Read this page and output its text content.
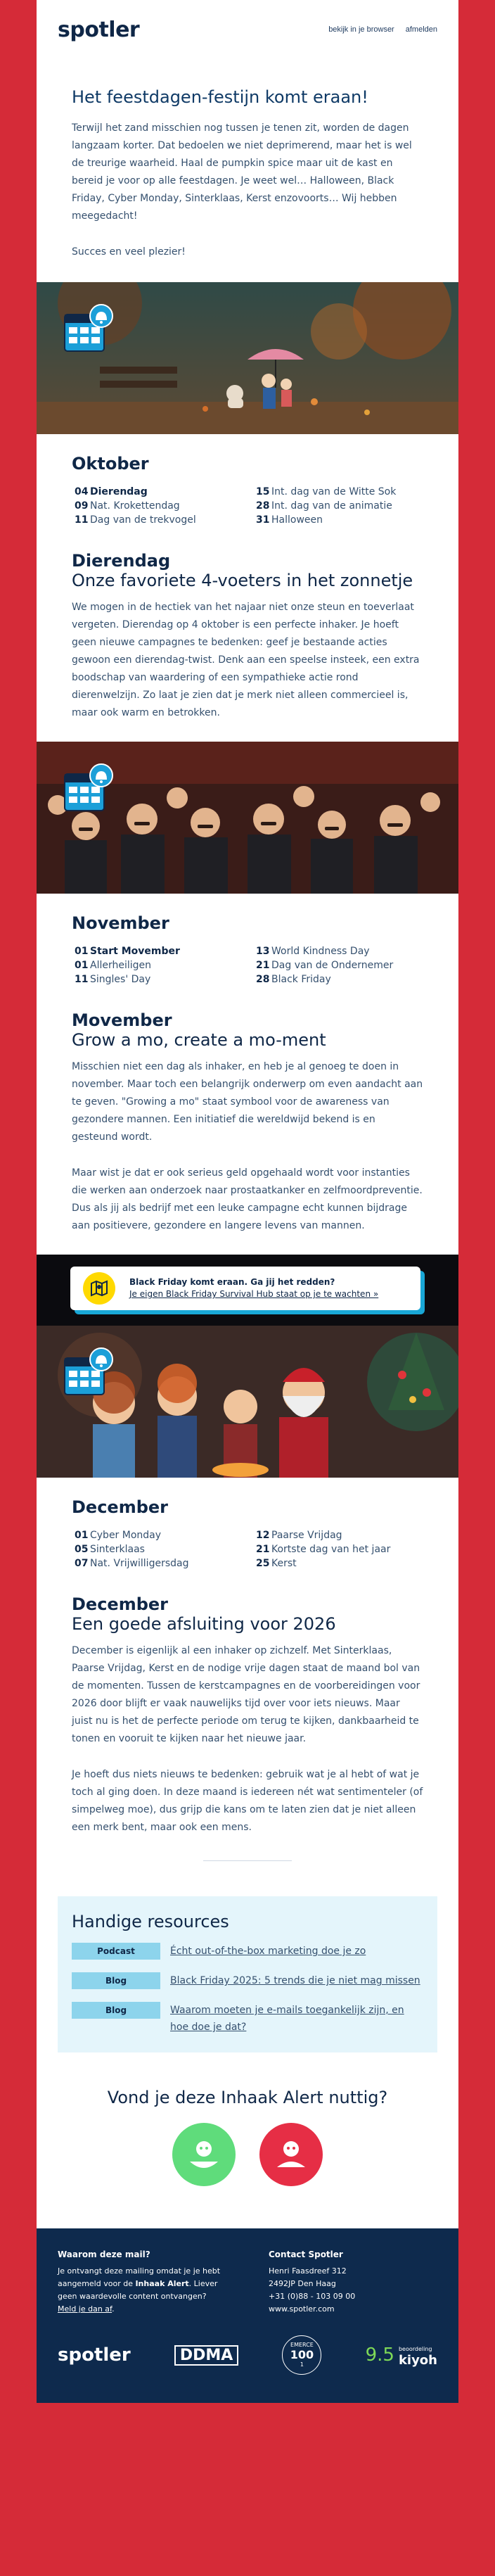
spotler	bekijk in je browser afmelden
Het feestdagen-festijn komt eraan!

Terwijl het zand misschien nog tussen je tenen zit, worden de dagen langzaam korter. Dat bedoelen we niet deprimerend, maar het is wel de treurige waarheid. Haal de pumpkin spice maar uit de kast en bereid je voor op alle feestdagen. Je weet wel… Halloween, Black Friday, Cyber Monday, Sinterklaas, Kerst enzovoorts… Wij hebben meegedacht!

Succes en veel plezier!

Oktober
04 Dierendag	15 Int. dag van de Witte Sok
09 Nat. Krokettendag	28 Int. dag van de animatie
11 Dag van de trekvogel	31 Halloween
Dierendag
Onze favoriete 4-voeters in het zonnetje

We mogen in de hectiek van het najaar niet onze steun en toeverlaat vergeten. Dierendag op 4 oktober is een perfecte inhaker. Je hoeft geen nieuwe campagnes te bedenken: geef je bestaande acties gewoon een dierendag-twist. Denk aan een speelse insteek, een extra boodschap van waardering of een sympathieke actie rond dierenwelzijn. Zo laat je zien dat je merk niet alleen commercieel is, maar ook warm en betrokken.

November
01 Start Movember	13 World Kindness Day
01 Allerheiligen	21 Dag van de Ondernemer
11 Singles' Day	28 Black Friday
Movember
Grow a mo, create a mo-ment

Misschien niet een dag als inhaker, en heb je al genoeg te doen in november. Maar toch een belangrijk onderwerp om even aandacht aan te geven. "Growing a mo" staat symbool voor de awareness van gezondere mannen. Een initiatief die wereldwijd bekend is en gesteund wordt.

Maar wist je dat er ook serieus geld opgehaald wordt voor instanties die werken aan onderzoek naar prostaatkanker en zelfmoordpreventie. Dus als jij als bedrijf met een leuke campagne echt kunnen bijdrage aan positievere, gezondere en langere levens van mannen.

Black Friday komt eraan. Ga jij het redden?
Je eigen Black Friday Survival Hub staat op je te wachten »
December
01 Cyber Monday	12 Paarse Vrijdag
05 Sinterklaas	21 Kortste dag van het jaar
07 Nat. Vrijwilligersdag	25 Kerst
December
Een goede afsluiting voor 2026

December is eigenlijk al een inhaker op zichzelf. Met Sinterklaas, Paarse Vrijdag, Kerst en de nodige vrije dagen staat de maand bol van de momenten. Tussen de kerstcampagnes en de voorbereidingen voor 2026 door blijft er vaak nauwelijks tijd over voor iets nieuws. Maar juist nu is het de perfecte periode om terug te kijken, dankbaarheid te tonen en vooruit te kijken naar het nieuwe jaar.

Je hoeft dus niets nieuws te bedenken: gebruik wat je al hebt of wat je toch al ging doen. In deze maand is iedereen nét wat sentimenteler (of simpelweg moe), dus grijp die kans om te laten zien dat je niet alleen een merk bent, maar ook een mens.

Handige resources
Podcast	Écht out-of-the-box marketing doe je zo
Blog	Black Friday 2025: 5 trends die je niet mag missen
Blog	Waarom moeten je e-mails toegankelijk zijn, en hoe doe je dat?
Vond je deze Inhaak Alert nuttig?
Waarom deze mail?
Je ontvangt deze mailing omdat je je hebt aangemeld voor de Inhaak Alert. Liever geen waardevolle content ontvangen?
Meld je dan af.
Contact Spotler
Henri Faasdreef 312
2492JP Den Haag
+31 (0)88 - 103 09 00
www.spotler.com
spotler	DDMA
EMERCE
100
1	9.5 beoordeling
kiyoh
